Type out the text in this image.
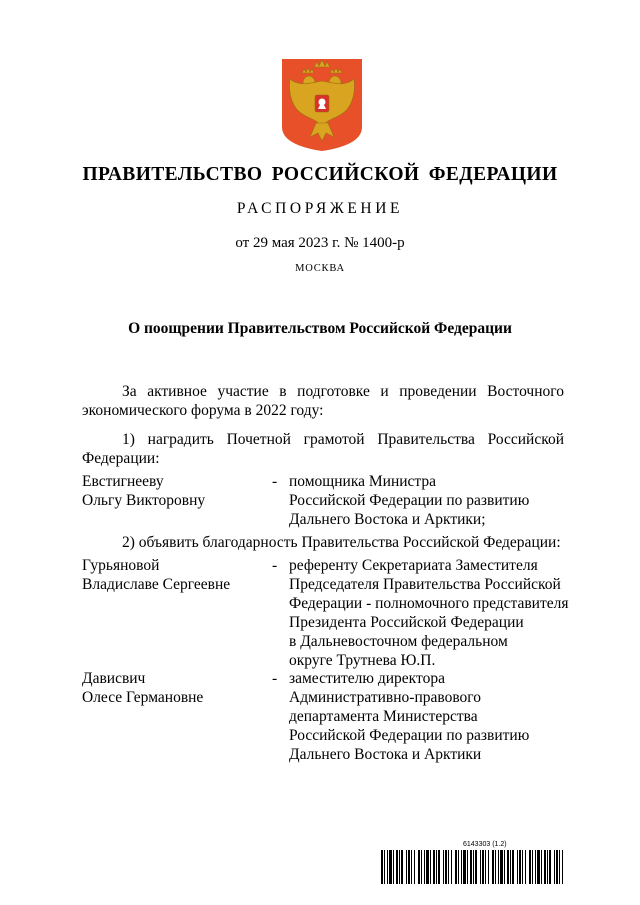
ПРАВИТЕЛЬСТВО РОССИЙСКОЙ ФЕДЕРАЦИИ
РАСПОРЯЖЕНИЕ
от 29 мая 2023 г. № 1400-р
МОСКВА
О поощрении Правительством Российской Федерации
За активное участие в подготовке и проведении Восточного
экономического форума в 2022 году:
1) наградить Почетной грамотой Правительства Российской
Федерации:
Евстигнееву
Ольгу Викторовну
- помощника Министра
Российской Федерации по развитию
Дальнего Востока и Арктики;
2) объявить благодарность Правительства Российской Федерации:
Гурьяновой
Владиславе Сергеевне
- референту Секретариата Заместителя
Председателя Правительства Российской
Федерации - полномочного представителя
Президента Российской Федерации
в Дальневосточном федеральном
округе Трутнева Ю.П.
Дависвич
Олесе Германовне
- заместителю директора
Административно-правового
департамента Министерства
Российской Федерации по развитию
Дальнего Востока и Арктики
6143303 (1.2)
